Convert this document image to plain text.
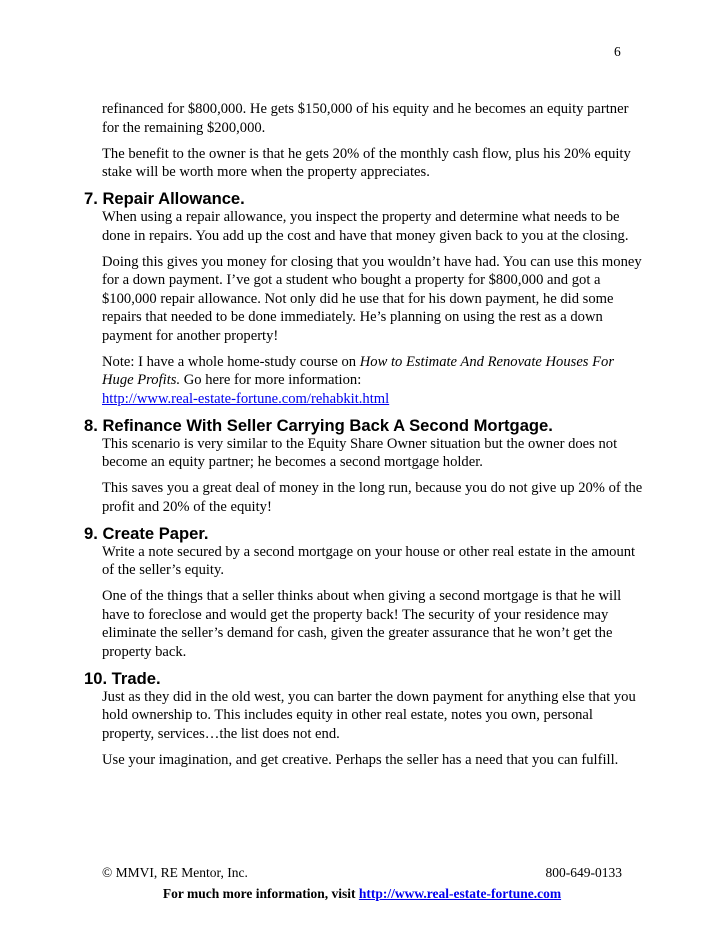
6

refinanced for $800,000. He gets $150,000 of his equity and he becomes an equity partner for the remaining $200,000.

The benefit to the owner is that he gets 20% of the monthly cash flow, plus his 20% equity stake will be worth more when the property appreciates.

7. Repair Allowance.

When using a repair allowance, you inspect the property and determine what needs to be done in repairs. You add up the cost and have that money given back to you at the closing.

Doing this gives you money for closing that you wouldn’t have had. You can use this money for a down payment. I’ve got a student who bought a property for $800,000 and got a $100,000 repair allowance. Not only did he use that for his down payment, he did some repairs that needed to be done immediately. He’s planning on using the rest as a down payment for another property!

Note: I have a whole home-study course on How to Estimate And Renovate Houses For Huge Profits. Go here for more information:
http://www.real-estate-fortune.com/rehabkit.html

8. Refinance With Seller Carrying Back A Second Mortgage.

This scenario is very similar to the Equity Share Owner situation but the owner does not become an equity partner; he becomes a second mortgage holder.

This saves you a great deal of money in the long run, because you do not give up 20% of the profit and 20% of the equity!

9. Create Paper.

Write a note secured by a second mortgage on your house or other real estate in the amount of the seller’s equity.

One of the things that a seller thinks about when giving a second mortgage is that he will have to foreclose and would get the property back! The security of your residence may eliminate the seller’s demand for cash, given the greater assurance that he won’t get the property back.

10. Trade.

Just as they did in the old west, you can barter the down payment for anything else that you hold ownership to. This includes equity in other real estate, notes you own, personal property, services…the list does not end.

Use your imagination, and get creative. Perhaps the seller has a need that you can fulfill.

© MMVI, RE Mentor, Inc.	800-649-0133
For much more information, visit http://www.real-estate-fortune.com
